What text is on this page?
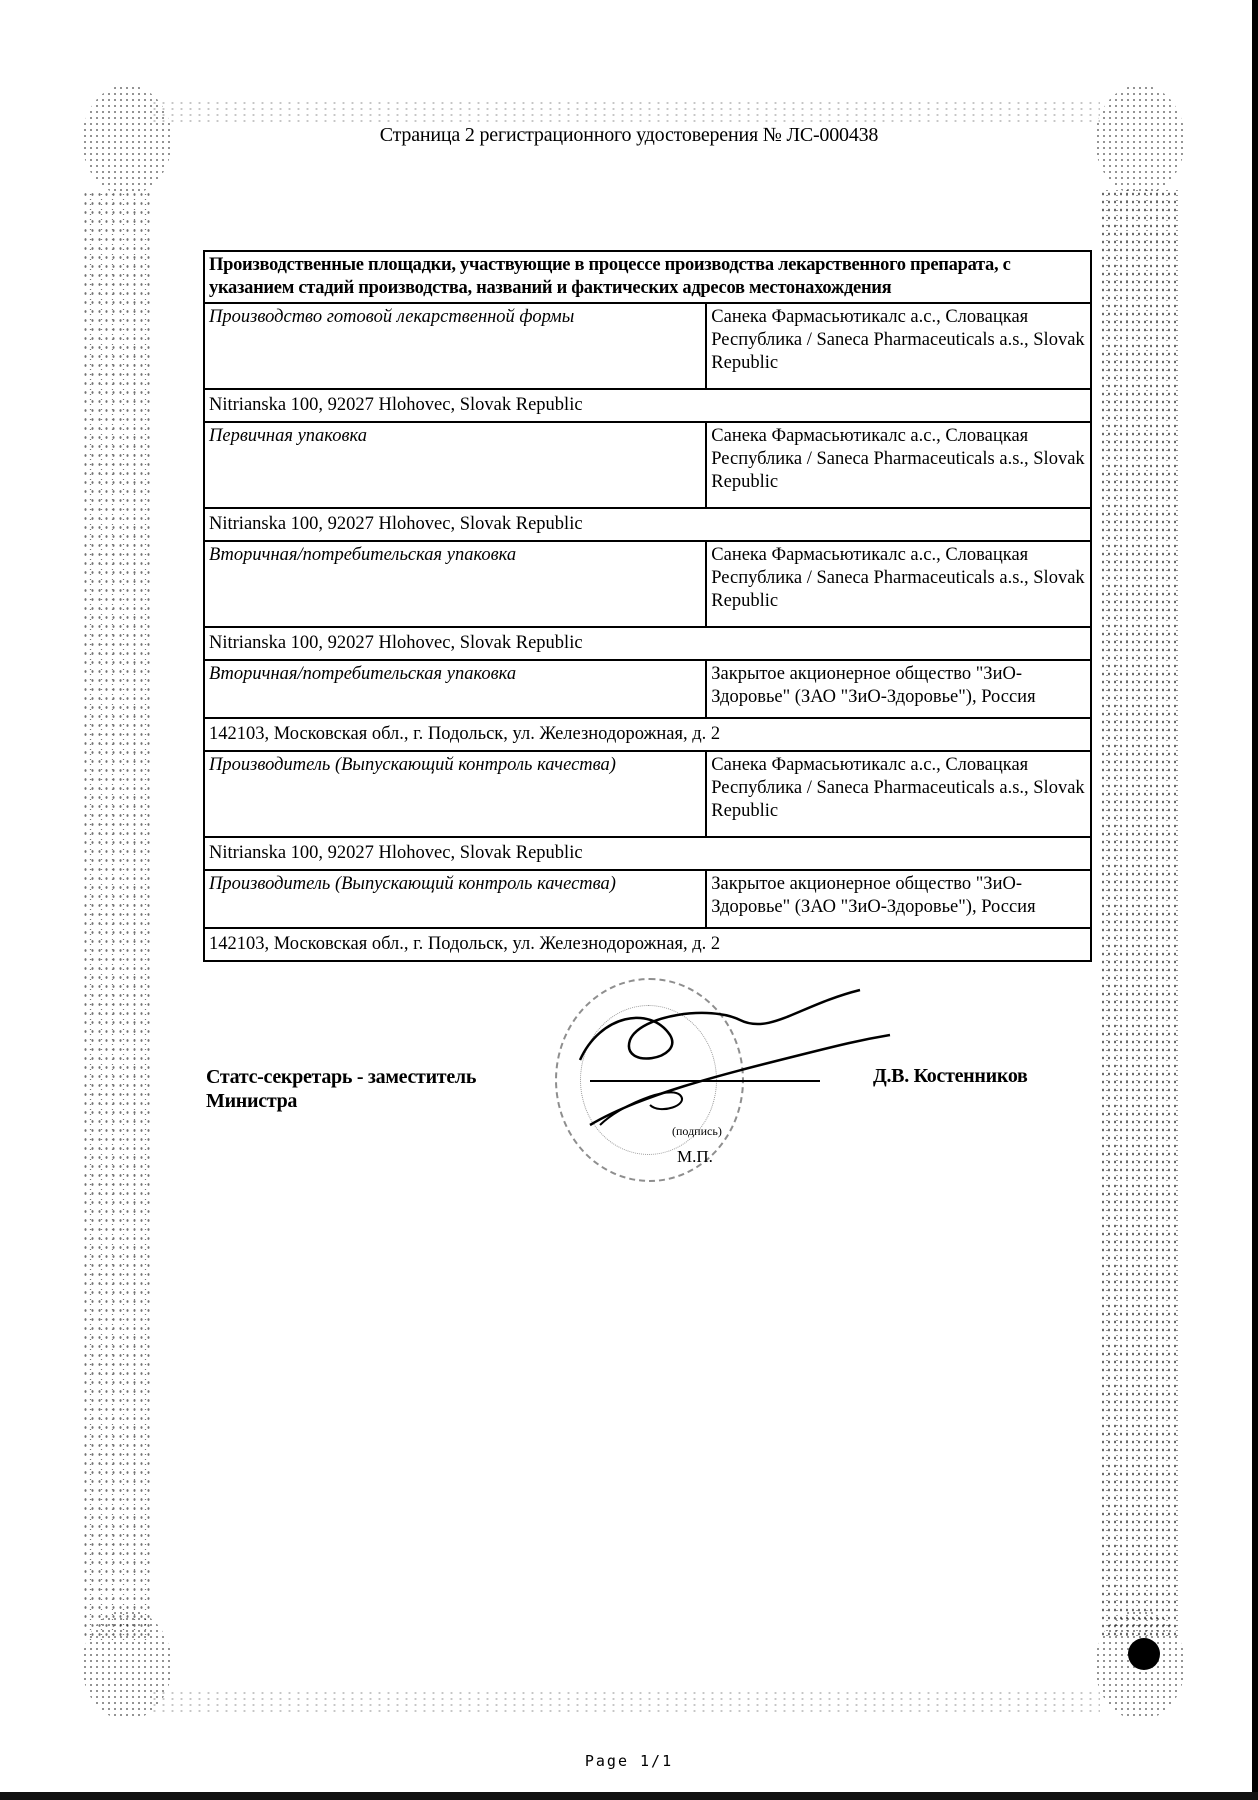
Страница 2 регистрационного удостоверения № ЛС-000438
Производственные площадки, участвующие в процессе производства лекарственного препарата, с указанием стадий производства, названий и фактических адресов местонахождения	
Производство готовой лекарственной формы	Санека Фармасьютикалс а.с., Словацкая Республика / Saneca Pharmaceuticals a.s., Slovak Republic
Nitrianska 100, 92027 Hlohovec, Slovak Republic	
Первичная упаковка	Санека Фармасьютикалс а.с., Словацкая Республика / Saneca Pharmaceuticals a.s., Slovak Republic
Nitrianska 100, 92027 Hlohovec, Slovak Republic	
Вторичная/потребительская упаковка	Санека Фармасьютикалс а.с., Словацкая Республика / Saneca Pharmaceuticals a.s., Slovak Republic
Nitrianska 100, 92027 Hlohovec, Slovak Republic	
Вторичная/потребительская упаковка	Закрытое акционерное общество "ЗиО-Здоровье" (ЗАО "ЗиО-Здоровье"), Россия
142103, Московская обл., г. Подольск, ул. Железнодорожная, д. 2	
Производитель (Выпускающий контроль качества)	Санека Фармасьютикалс а.с., Словацкая Республика / Saneca Pharmaceuticals a.s., Slovak Republic
Nitrianska 100, 92027 Hlohovec, Slovak Republic	
Производитель (Выпускающий контроль качества)	Закрытое акционерное общество "ЗиО-Здоровье" (ЗАО "ЗиО-Здоровье"), Россия
142103, Московская обл., г. Подольск, ул. Железнодорожная, д. 2	
(подпись)
М.П.
Статс-секретарь - заместитель
Министра
Д.В. Костенников
Page 1/1
